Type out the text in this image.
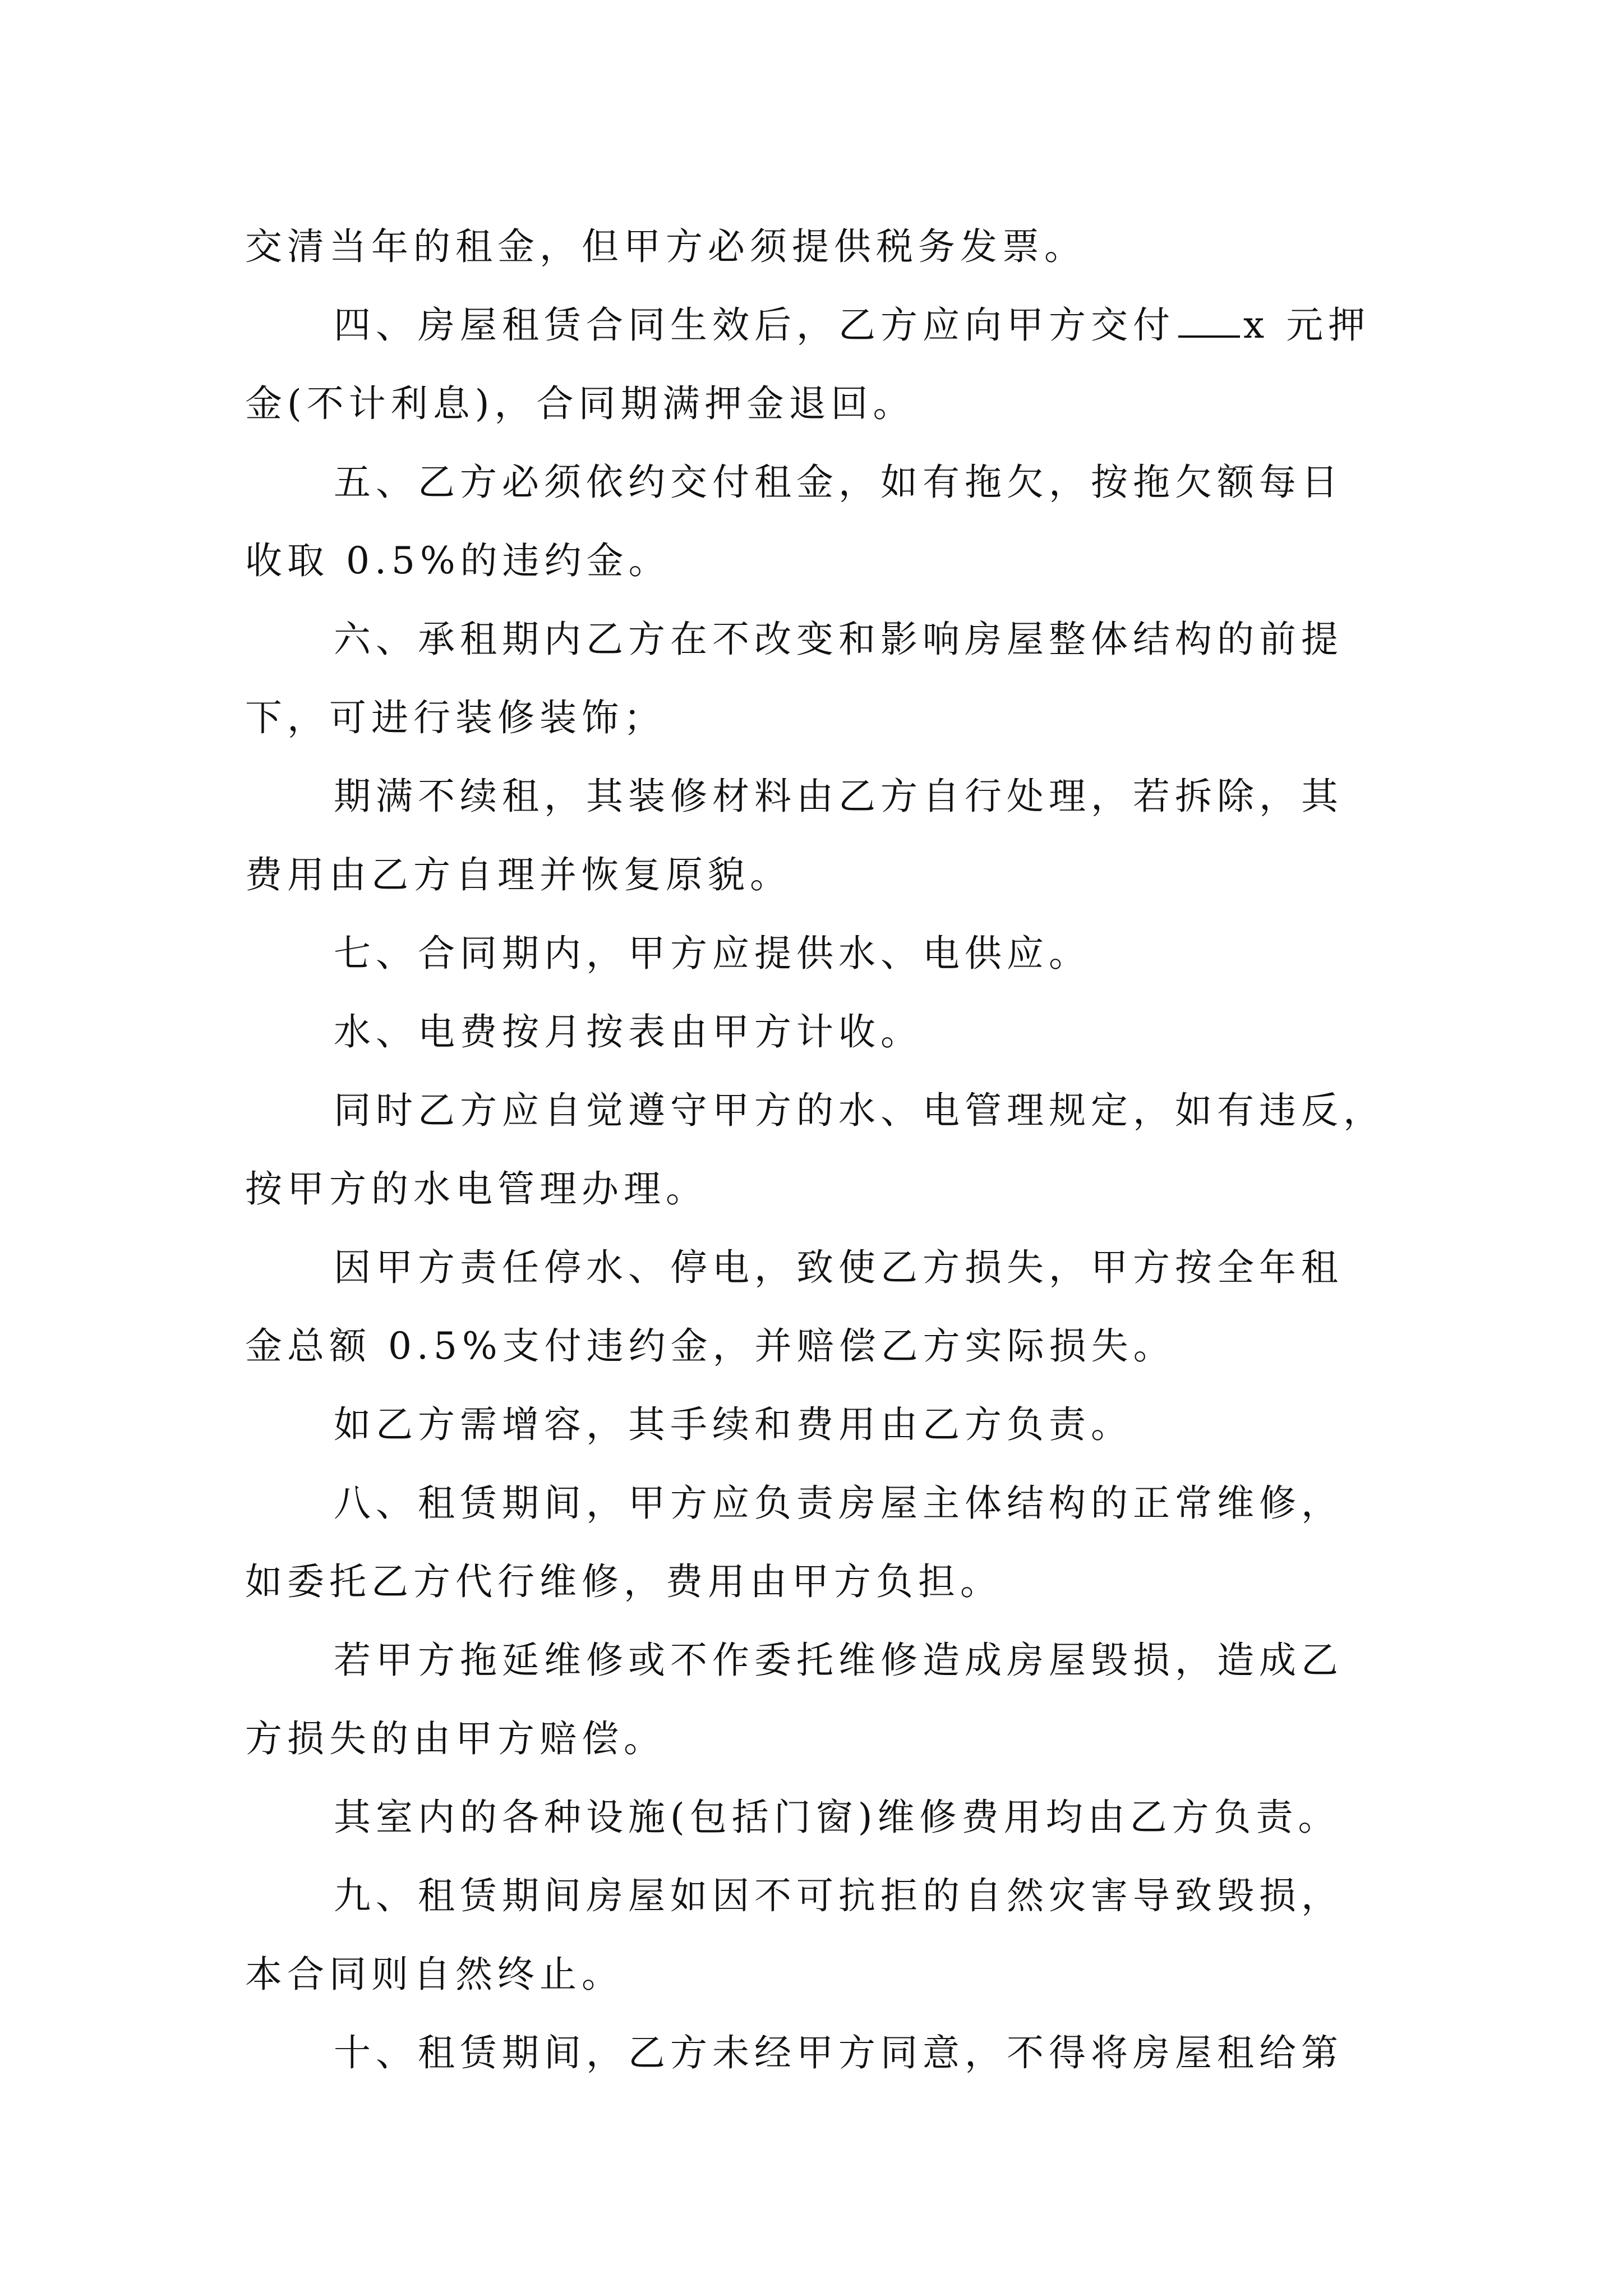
交清当年的租金，但甲方必须提供税务发票。
四、房屋租赁合同生效后，乙方应向甲方交付 x 元押
金(不计利息)，合同期满押金退回。
五、乙方必须依约交付租金，如有拖欠，按拖欠额每日
收取 0.5%的违约金。
六、承租期内乙方在不改变和影响房屋整体结构的前提
下，可进行装修装饰；
期满不续租，其装修材料由乙方自行处理，若拆除，其
费用由乙方自理并恢复原貌。
七、合同期内，甲方应提供水、电供应。
水、电费按月按表由甲方计收。
同时乙方应自觉遵守甲方的水、电管理规定，如有违反，
按甲方的水电管理办理。
因甲方责任停水、停电，致使乙方损失，甲方按全年租
金总额 0.5%支付违约金，并赔偿乙方实际损失。
如乙方需增容，其手续和费用由乙方负责。
八、租赁期间，甲方应负责房屋主体结构的正常维修，
如委托乙方代行维修，费用由甲方负担。
若甲方拖延维修或不作委托维修造成房屋毁损，造成乙
方损失的由甲方赔偿。
其室内的各种设施(包括门窗)维修费用均由乙方负责。
九、租赁期间房屋如因不可抗拒的自然灾害导致毁损，
本合同则自然终止。
十、租赁期间，乙方未经甲方同意，不得将房屋租给第
